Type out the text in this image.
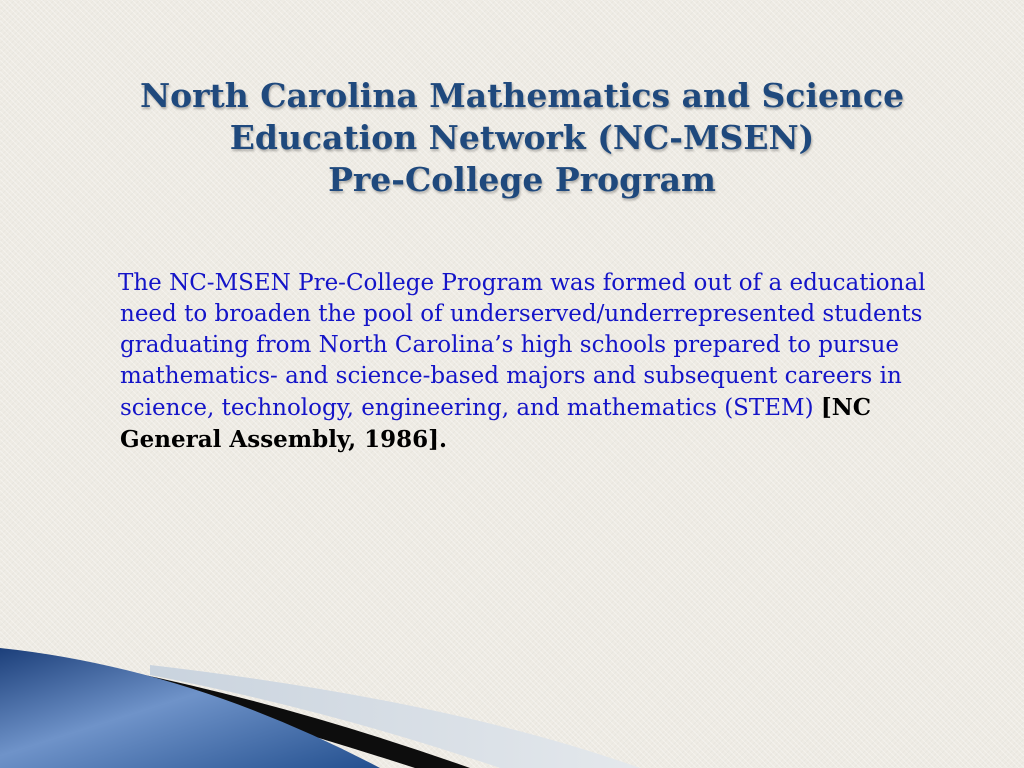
North Carolina Mathematics and Science
Education Network (NC-MSEN)
Pre-College Program

The NC-MSEN Pre-College Program was formed out of a educational need to broaden the pool of underserved/underrepresented students graduating from North Carolina’s high schools prepared to pursue mathematics- and science-based majors and subsequent careers in science, technology, engineering, and mathematics (STEM) [NC General Assembly, 1986].
